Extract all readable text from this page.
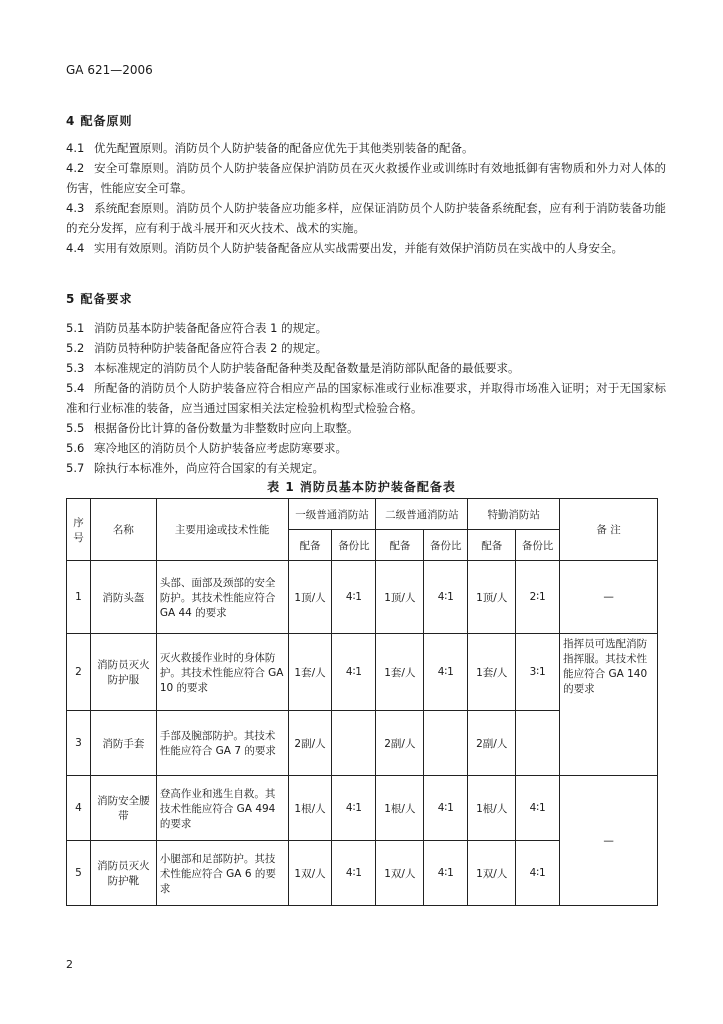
GA 621—2006
4 配备原则
4.1 优先配置原则。消防员个人防护装备的配备应优先于其他类别装备的配备。
4.2 安全可靠原则。消防员个人防护装备应保护消防员在灭火救援作业或训练时有效地抵御有害物质和外力对人体的伤害，性能应安全可靠。
4.3 系统配套原则。消防员个人防护装备应功能多样，应保证消防员个人防护装备系统配套，应有利于消防装备功能的充分发挥，应有利于战斗展开和灭火技术、战术的实施。
4.4 实用有效原则。消防员个人防护装备配备应从实战需要出发，并能有效保护消防员在实战中的人身安全。
5 配备要求
5.1 消防员基本防护装备配备应符合表 1 的规定。
5.2 消防员特种防护装备配备应符合表 2 的规定。
5.3 本标准规定的消防员个人防护装备配备种类及配备数量是消防部队配备的最低要求。
5.4 所配备的消防员个人防护装备应符合相应产品的国家标准或行业标准要求，并取得市场准入证明；对于无国家标准和行业标准的装备，应当通过国家相关法定检验机构型式检验合格。
5.5 根据备份比计算的备份数量为非整数时应向上取整。
5.6 寒冷地区的消防员个人防护装备应考虑防寒要求。
5.7 除执行本标准外，尚应符合国家的有关规定。
表 1 消防员基本防护装备配备表
序号	名称	主要用途或技术性能	一级普通消防站		二级普通消防站		特勤消防站		备 注
			配备	备份比	配备	备份比	配备	备份比	
1	消防头盔	头部、面部及颈部的安全防护。其技术性能应符合 GA 44 的要求	1顶/人	4∶1	1顶/人	4∶1	1顶/人	2∶1	—
2	消防员灭火防护服	灭火救援作业时的身体防护。其技术性能应符合 GA 10 的要求	1套/人	4∶1	1套/人	4∶1	1套/人	3∶1	指挥员可选配消防指挥服。其技术性能应符合 GA 140 的要求
3	消防手套	手部及腕部防护。其技术性能应符合 GA 7 的要求	2副/人		2副/人		2副/人		
4	消防安全腰带	登高作业和逃生自救。其技术性能应符合 GA 494的要求	1根/人	4∶1	1根/人	4∶1	1根/人	4∶1	—
5	消防员灭火防护靴	小腿部和足部防护。其技术性能应符合 GA 6 的要求	1双/人	4∶1	1双/人	4∶1	1双/人	4∶1	
2
